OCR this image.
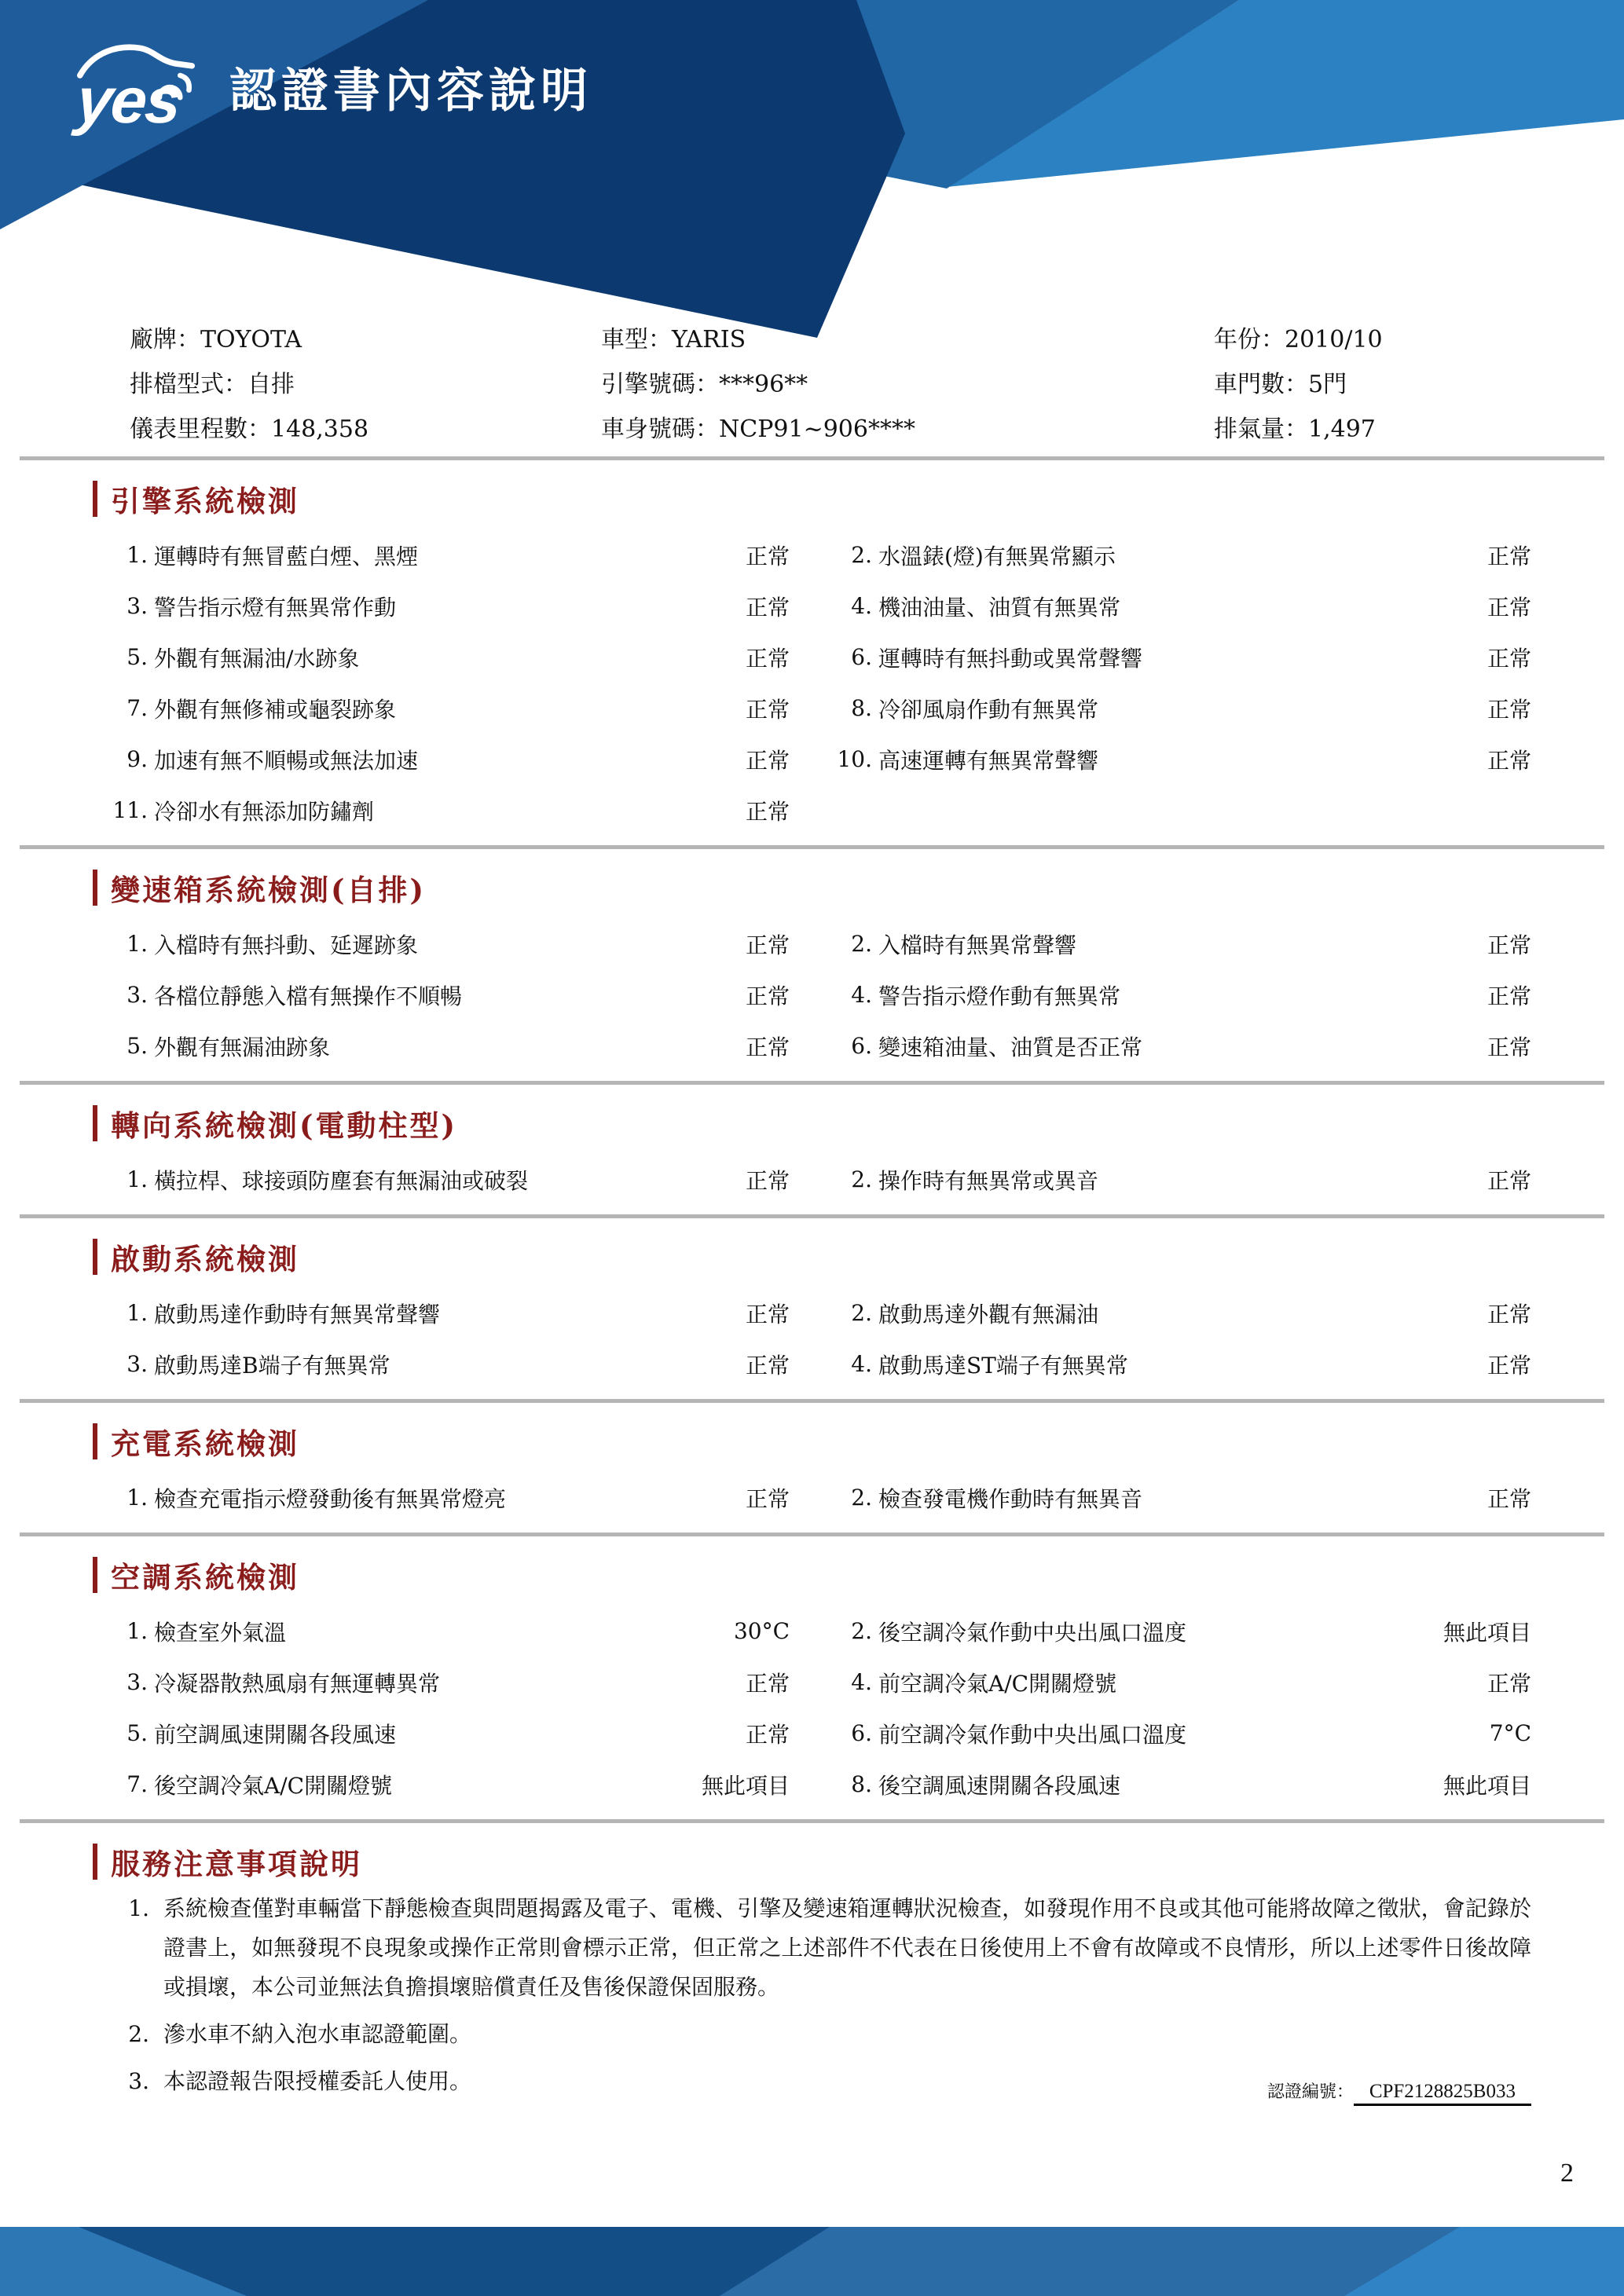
yes 認證書內容說明
廠牌：TOYOTA	車型：YARIS	年份：2010/10
排檔型式：自排	引擎號碼：***96**	車門數：5門
儀表里程數：148,358	車身號碼：NCP91~906****	排氣量：1,497
引擎系統檢測
1. 運轉時有無冒藍白煙、黑煙	正常	2. 水溫錶(燈)有無異常顯示	正常
3. 警告指示燈有無異常作動	正常	4. 機油油量、油質有無異常	正常
5. 外觀有無漏油/水跡象	正常	6. 運轉時有無抖動或異常聲響	正常
7. 外觀有無修補或龜裂跡象	正常	8. 冷卻風扇作動有無異常	正常
9. 加速有無不順暢或無法加速	正常	10. 高速運轉有無異常聲響	正常
11. 冷卻水有無添加防鏽劑	正常
變速箱系統檢測(自排)
1. 入檔時有無抖動、延遲跡象	正常	2. 入檔時有無異常聲響	正常
3. 各檔位靜態入檔有無操作不順暢	正常	4. 警告指示燈作動有無異常	正常
5. 外觀有無漏油跡象	正常	6. 變速箱油量、油質是否正常	正常
轉向系統檢測(電動柱型)
1. 橫拉桿、球接頭防塵套有無漏油或破裂	正常	2. 操作時有無異常或異音	正常
啟動系統檢測
1. 啟動馬達作動時有無異常聲響	正常	2. 啟動馬達外觀有無漏油	正常
3. 啟動馬達B端子有無異常	正常	4. 啟動馬達ST端子有無異常	正常
充電系統檢測
1. 檢查充電指示燈發動後有無異常燈亮	正常	2. 檢查發電機作動時有無異音	正常
空調系統檢測
1. 檢查室外氣溫	30°C	2. 後空調冷氣作動中央出風口溫度	無此項目
3. 冷凝器散熱風扇有無運轉異常	正常	4. 前空調冷氣A/C開關燈號	正常
5. 前空調風速開關各段風速	正常	6. 前空調冷氣作動中央出風口溫度	7°C
7. 後空調冷氣A/C開關燈號	無此項目	8. 後空調風速開關各段風速	無此項目
服務注意事項說明
1. 系統檢查僅對車輛當下靜態檢查與問題揭露及電子、電機、引擎及變速箱運轉狀況檢查，如發現作用不良或其他可能將故障之徵狀，會記錄於證書上，如無發現不良現象或操作正常則會標示正常，但正常之上述部件不代表在日後使用上不會有故障或不良情形，所以上述零件日後故障或損壞，本公司並無法負擔損壞賠償責任及售後保證保固服務。
2. 滲水車不納入泡水車認證範圍。
3. 本認證報告限授權委託人使用。	認證編號： CPF2128825B033
2
